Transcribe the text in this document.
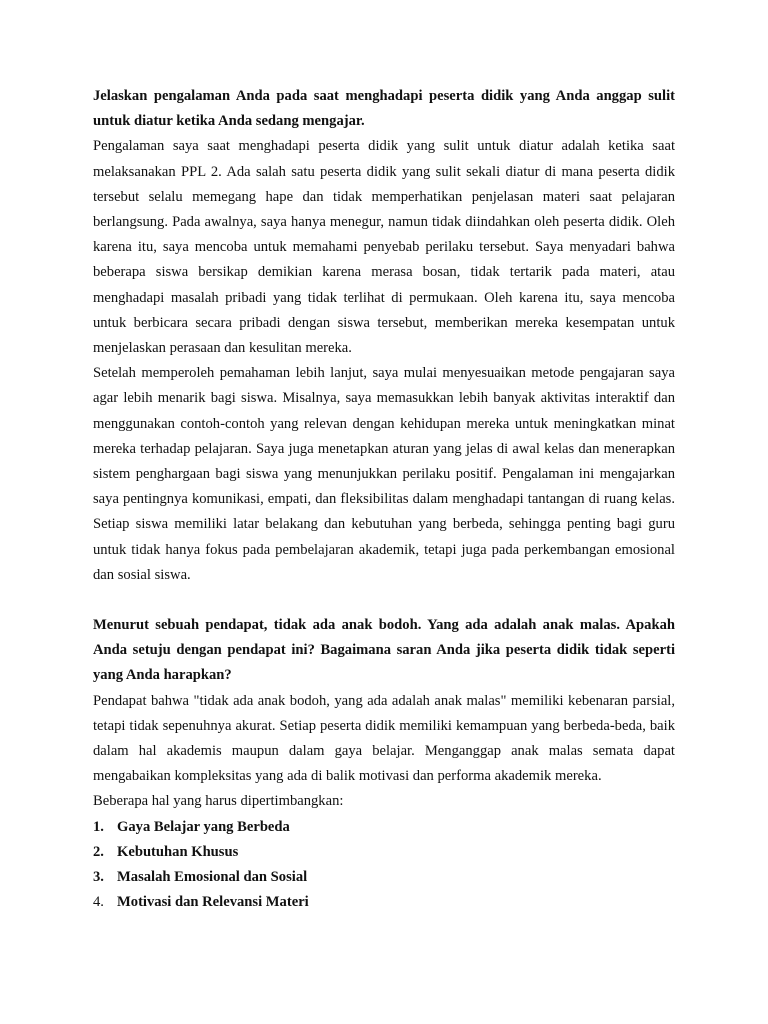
Jelaskan pengalaman Anda pada saat menghadapi peserta didik yang Anda anggap sulit untuk diatur ketika Anda sedang mengajar.

Pengalaman saya saat menghadapi peserta didik yang sulit untuk diatur adalah ketika saat melaksanakan PPL 2. Ada salah satu peserta didik yang sulit sekali diatur di mana peserta didik tersebut selalu memegang hape dan tidak memperhatikan penjelasan materi saat pelajaran berlangsung. Pada awalnya, saya hanya menegur, namun tidak diindahkan oleh peserta didik. Oleh karena itu, saya mencoba untuk memahami penyebab perilaku tersebut. Saya menyadari bahwa beberapa siswa bersikap demikian karena merasa bosan, tidak tertarik pada materi, atau menghadapi masalah pribadi yang tidak terlihat di permukaan. Oleh karena itu, saya mencoba untuk berbicara secara pribadi dengan siswa tersebut, memberikan mereka kesempatan untuk menjelaskan perasaan dan kesulitan mereka.

Setelah memperoleh pemahaman lebih lanjut, saya mulai menyesuaikan metode pengajaran saya agar lebih menarik bagi siswa. Misalnya, saya memasukkan lebih banyak aktivitas interaktif dan menggunakan contoh-contoh yang relevan dengan kehidupan mereka untuk meningkatkan minat mereka terhadap pelajaran. Saya juga menetapkan aturan yang jelas di awal kelas dan menerapkan sistem penghargaan bagi siswa yang menunjukkan perilaku positif. Pengalaman ini mengajarkan saya pentingnya komunikasi, empati, dan fleksibilitas dalam menghadapi tantangan di ruang kelas. Setiap siswa memiliki latar belakang dan kebutuhan yang berbeda, sehingga penting bagi guru untuk tidak hanya fokus pada pembelajaran akademik, tetapi juga pada perkembangan emosional dan sosial siswa.

Menurut sebuah pendapat, tidak ada anak bodoh. Yang ada adalah anak malas. Apakah Anda setuju dengan pendapat ini? Bagaimana saran Anda jika peserta didik tidak seperti yang Anda harapkan?

Pendapat bahwa "tidak ada anak bodoh, yang ada adalah anak malas" memiliki kebenaran parsial, tetapi tidak sepenuhnya akurat. Setiap peserta didik memiliki kemampuan yang berbeda-beda, baik dalam hal akademis maupun dalam gaya belajar. Menganggap anak malas semata dapat mengabaikan kompleksitas yang ada di balik motivasi dan performa akademik mereka.

Beberapa hal yang harus dipertimbangkan:

1. Gaya Belajar yang Berbeda
2. Kebutuhan Khusus
3. Masalah Emosional dan Sosial
4. Motivasi dan Relevansi Materi
